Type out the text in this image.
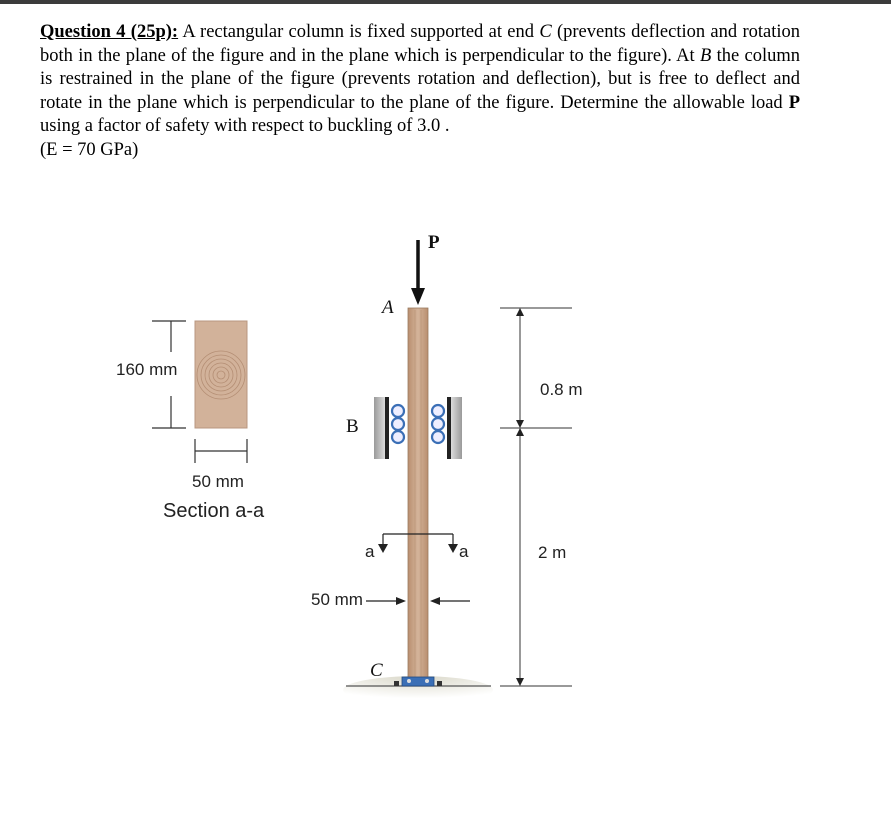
Question 4 (25p): A rectangular column is fixed supported at end C (prevents deflection and rotation both in the plane of the figure and in the plane which is perpendicular to the figure). At B the column is restrained in the plane of the figure (prevents rotation and deflection), but is free to deflect and rotate in the plane which is perpendicular to the plane of the figure. Determine the allowable load P using a factor of safety with respect to buckling of 3.0 .
(E = 70 GPa)
160 mm
50 mm
Section a-a
P
A
B
C
a	a
50 mm
0.8 m
2 m
